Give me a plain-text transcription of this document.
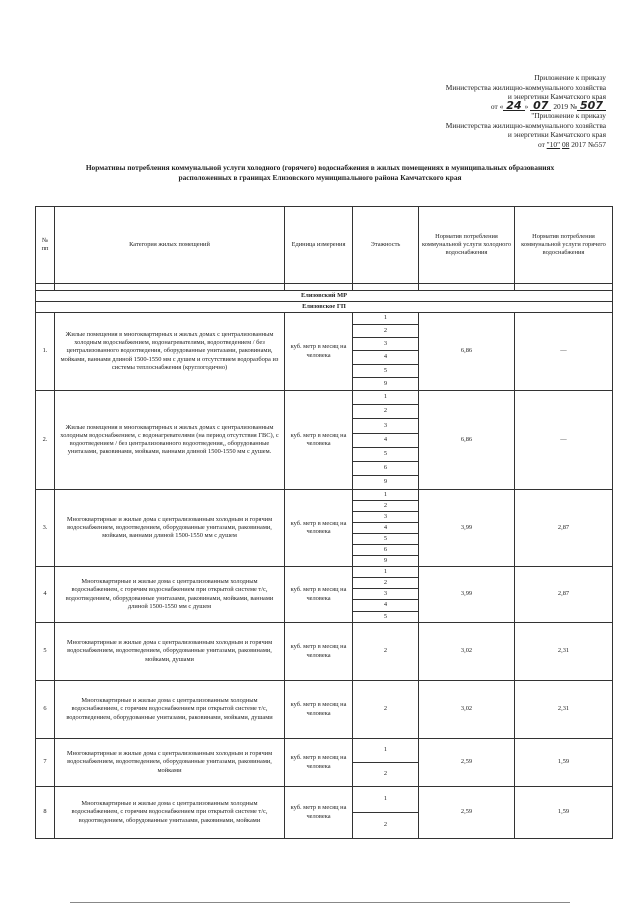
Приложение к приказу
Министерства жилищно-коммунального хозяйства
и энергетики Камчатского края
от « 24 » 07 2019 № 507
"Приложение к приказу
Министерства жилищно-коммунального хозяйства
и энергетики Камчатского края
от "10" 08 2017 №557
Нормативы потребления коммунальной услуги холодного (горячего) водоснабжения в жилых помещениях в муниципальных образованиях
расположенных в границах Елизовского муниципального района Камчатского края
№ пп	Категория жилых помещений	Единица измерения	Этажность	Норматив потребления коммунальной услуги холодного водоснабжения	Норматив потребления коммунальной услуги горячего водоснабжения

Елизовский МР					
Елизовское ГП					
1.	Жилые помещения в многоквартирных и жилых домах с централизованным холодным водоснабжением, водонагревателями, водоотведением / без централизованного водоотведения, оборудованные унитазами, раковинами, мойками, ваннами длиной 1500-1550 мм с душем и отсутствием водоразбора из системы теплоснабжения (круглогодично)	куб. метр в месяц на человека	1	6,86	—
			2		
			3		
			4		
			5		
			9		
2.	Жилые помещения в многоквартирных и жилых домах с централизованным холодным водоснабжением, с водонагревателями (на период отсутствия ГВС), с водоотведением / без централизованного водоотведения,, оборудованные унитазами, раковинами, мойками, ваннами длиной 1500-1550 мм с душем.	куб. метр в месяц на человека	1	6,86	—
			2		
			3		
			4		
			5		
			6		
			9		
3.	Многоквартирные и жилые дома с централизованным холодным и горячим водоснабжением, водоотведением, оборудованные унитазами, раковинами, мойками, ваннами длиной 1500-1550 мм с душем	куб. метр в месяц на человека	1	3,99	2,87
			2		
			3		
			4		
			5		
			6		
			9		
4	Многоквартирные и жилые дома с централизованным холодным водоснабжением, с горячим водоснабжением при открытой системе т/с, водоотведением, оборудованные унитазами, раковинами, мойками, ваннами длиной 1500-1550 мм с душем	куб. метр в месяц на человека	1	3,99	2,87
			2		
			3		
			4		
			5		
5	Многоквартирные и жилые дома с централизованным холодным и горячим водоснабжением, водоотведением, оборудованные унитазами, раковинами, мойками, душами	куб. метр в месяц на человека	2	3,02	2,31
6	Многоквартирные и жилые дома с централизованным холодным водоснабжением, с горячим водоснабжением при открытой системе т/с, водоотведением, оборудованные унитазами, раковинами, мойками, душами	куб. метр в месяц на человека	2	3,02	2,31
7	Многоквартирные и жилые дома с централизованным холодным и горячим водоснабжением, водоотведением, оборудованные унитазами, раковинами, мойками	куб. метр в месяц на человека	1	2,59	1,59
			2		
8	Многоквартирные и жилые дома с централизованным холодным водоснабжением, с горячим водоснабжением при открытой системе т/с, водоотведением, оборудованные унитазами, раковинами, мойками	куб. метр в месяц на человека	1	2,59	1,59
			2		
